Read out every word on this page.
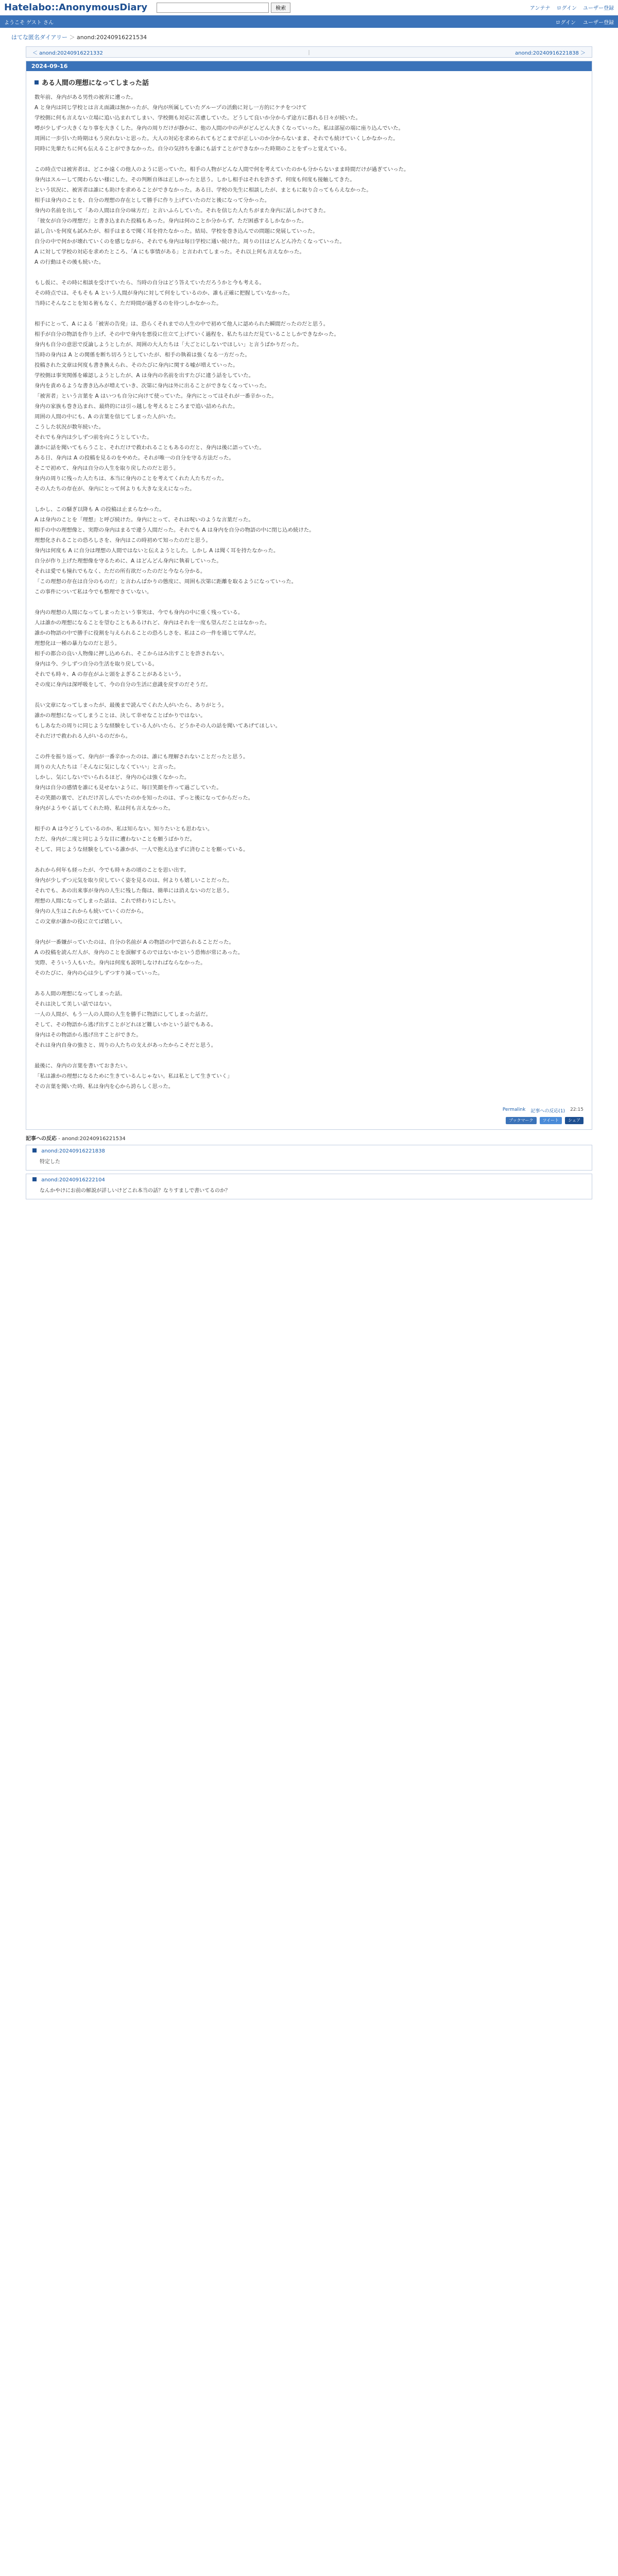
Hatelabo::AnonymousDiary	検索	アンテナ ログイン ユーザー登録
ようこそ ゲスト さん	ログイン ユーザー登録
はてな匿名ダイアリー ＞ anond:20240916221534
＜ anond:20240916221332	｜	anond:20240916221838 ＞
2024-09-16
ある人間の理想になってしまった話

数年前、身内がある男性の被害に遭った。

A と身内は同じ学校とは言え面識は無かったが、身内が所属していたグループの活動に対し一方的にケチをつけて

学校側に何も言えない立場に追い込まれてしまい、学校側も対応に苦慮していた。どうして良いか分からず途方に暮れる日々が続いた。

噂が少しずつ大きくなり事を大きくした。身内の周りだけが静かに、他の人間の中の声がどんどん大きくなっていった。私は部屋の端に座り込んでいた。

周囲に一歩引いた時期はもう戻れないと思った。大人の対応を求められてもどこまでが正しいのか分からないまま、それでも続けていくしかなかった。

同時に先輩たちに何も伝えることができなかった。自分の気持ちを誰にも話すことができなかった時期のことをずっと覚えている。

この時点では被害者は、どこか遠くの他人のように思っていた。相手の人物がどんな人間で何を考えていたのかも分からないまま時間だけが過ぎていった。

身内はスルーして関わらない様にした。その判断自体は正しかったと思う。しかし相手はそれを許さず、何度も何度も接触してきた。

という状況に、被害者は誰にも助けを求めることができなかった。ある日、学校の先生に相談したが、まともに取り合ってもらえなかった。

相手は身内のことを、自分の理想の存在として勝手に作り上げていたのだと後になって分かった。

身内の名前を出して「あの人間は自分の味方だ」と言いふらしていた。それを信じた人たちがまた身内に話しかけてきた。

「彼女が自分の理想だ」と書き込まれた投稿もあった。身内は何のことか分からず、ただ困惑するしかなかった。

話し合いを何度も試みたが、相手はまるで聞く耳を持たなかった。結局、学校を巻き込んでの問題に発展していった。

自分の中で何かが壊れていくのを感じながら、それでも身内は毎日学校に通い続けた。周りの目はどんどん冷たくなっていった。

A に対して学校の対応を求めたところ、「A にも事情がある」と言われてしまった。それ以上何も言えなかった。

A の行動はその後も続いた。

もし仮に、その時に相談を受けていたら、当時の自分はどう答えていただろうかと今も考える。

その時点では、そもそも A という人間が身内に対して何をしているのか、誰も正確に把握していなかった。

当時にそんなことを知る術もなく、ただ時間が過ぎるのを待つしかなかった。

相手にとって、A による「被害の告発」は、恐らくそれまでの人生の中で初めて他人に認められた瞬間だったのだと思う。

相手が自分の物語を作り上げ、その中で身内を悪役に仕立て上げていく過程を、私たちはただ見ていることしかできなかった。

身内も自分の意思で反論しようとしたが、周囲の大人たちは「大ごとにしないでほしい」と言うばかりだった。

当時の身内は A との関係を断ち切ろうとしていたが、相手の執着は強くなる一方だった。

投稿された文章は何度も書き換えられ、そのたびに身内に関する嘘が増えていった。

学校側は事実関係を確認しようとしたが、A は身内の名前を出すたびに違う話をしていた。

身内を責めるような書き込みが増えていき、次第に身内は外に出ることができなくなっていった。

「被害者」という言葉を A はいつも自分に向けて使っていた。身内にとってはそれが一番辛かった。

身内の家族も巻き込まれ、最終的には引っ越しを考えるところまで追い詰められた。

周囲の人間の中にも、A の言葉を信じてしまった人がいた。

こうした状況が数年続いた。

それでも身内は少しずつ前を向こうとしていた。

誰かに話を聞いてもらうこと、それだけで救われることもあるのだと、身内は後に語っていた。

ある日、身内は A の投稿を見るのをやめた。それが唯一の自分を守る方法だった。

そこで初めて、身内は自分の人生を取り戻したのだと思う。

身内の周りに残った人たちは、本当に身内のことを考えてくれた人たちだった。

その人たちの存在が、身内にとって何よりも大きな支えになった。

しかし、この騒ぎ以降も A の投稿は止まらなかった。

A は身内のことを「理想」と呼び続けた。身内にとって、それは呪いのような言葉だった。

相手の中の理想像と、実際の身内はまるで違う人間だった。それでも A は身内を自分の物語の中に閉じ込め続けた。

理想化されることの恐ろしさを、身内はこの時初めて知ったのだと思う。

身内は何度も A に自分は理想の人間ではないと伝えようとした。しかし A は聞く耳を持たなかった。

自分が作り上げた理想像を守るために、A はどんどん身内に執着していった。

それは愛でも憧れでもなく、ただの所有欲だったのだと今なら分かる。

「この理想の存在は自分のものだ」と言わんばかりの態度に、周囲も次第に距離を取るようになっていった。

この事件について私は今でも整理できていない。

身内の理想の人間になってしまったという事実は、今でも身内の中に重く残っている。

人は誰かの理想になることを望むこともあるけれど、身内はそれを一度も望んだことはなかった。

誰かの物語の中で勝手に役割を与えられることの恐ろしさを、私はこの一件を通じて学んだ。

理想化は一種の暴力なのだと思う。

相手の都合の良い人物像に押し込められ、そこからはみ出すことを許されない。

身内は今、少しずつ自分の生活を取り戻している。

それでも時々、A の存在がふと頭をよぎることがあるという。

その度に身内は深呼吸をして、今の自分の生活に意識を戻すのだそうだ。

長い文章になってしまったが、最後まで読んでくれた人がいたら、ありがとう。

誰かの理想になってしまうことは、決して幸せなことばかりではない。

もしあなたの周りに同じような経験をしている人がいたら、どうかその人の話を聞いてあげてほしい。

それだけで救われる人がいるのだから。

この件を振り返って、身内が一番辛かったのは、誰にも理解されないことだったと思う。

周りの大人たちは「そんなに気にしなくていい」と言った。

しかし、気にしないでいられるほど、身内の心は強くなかった。

身内は自分の感情を誰にも見せないように、毎日笑顔を作って過ごしていた。

その笑顔の裏で、どれだけ苦しんでいたのかを知ったのは、ずっと後になってからだった。

身内がようやく話してくれた時、私は何も言えなかった。

相手の A は今どうしているのか、私は知らない。知りたいとも思わない。

ただ、身内が二度と同じような目に遭わないことを願うばかりだ。

そして、同じような経験をしている誰かが、一人で抱え込まずに済むことを願っている。

あれから何年も経ったが、今でも時々あの頃のことを思い出す。

身内が少しずつ元気を取り戻していく姿を見るのは、何よりも嬉しいことだった。

それでも、あの出来事が身内の人生に残した傷は、簡単には消えないのだと思う。

理想の人間になってしまった話は、これで終わりにしたい。

身内の人生はこれからも続いていくのだから。

この文章が誰かの役に立てば嬉しい。

身内が一番嫌がっていたのは、自分の名前が A の物語の中で語られることだった。

A の投稿を読んだ人が、身内のことを誤解するのではないかという恐怖が常にあった。

実際、そういう人もいた。身内は何度も説明しなければならなかった。

そのたびに、身内の心は少しずつすり減っていった。

ある人間の理想になってしまった話。

それは決して美しい話ではない。

一人の人間が、もう一人の人間の人生を勝手に物語にしてしまった話だ。

そして、その物語から逃げ出すことがどれほど難しいかという話でもある。

身内はその物語から逃げ出すことができた。

それは身内自身の強さと、周りの人たちの支えがあったからこそだと思う。

最後に、身内の言葉を書いておきたい。

「私は誰かの理想になるために生きているんじゃない。私は私として生きていく」

その言葉を聞いた時、私は身内を心から誇らしく思った。

Permalink 記事への反応(1) 22:15
ブックマーク	ツイート	シェア
記事への反応 - anond:20240916221534
anond:20240916221838
特定した
anond:20240916222104
なんかやけにお前の解説が詳しいけどこれ本当の話？なりすましで書いてるのか？
